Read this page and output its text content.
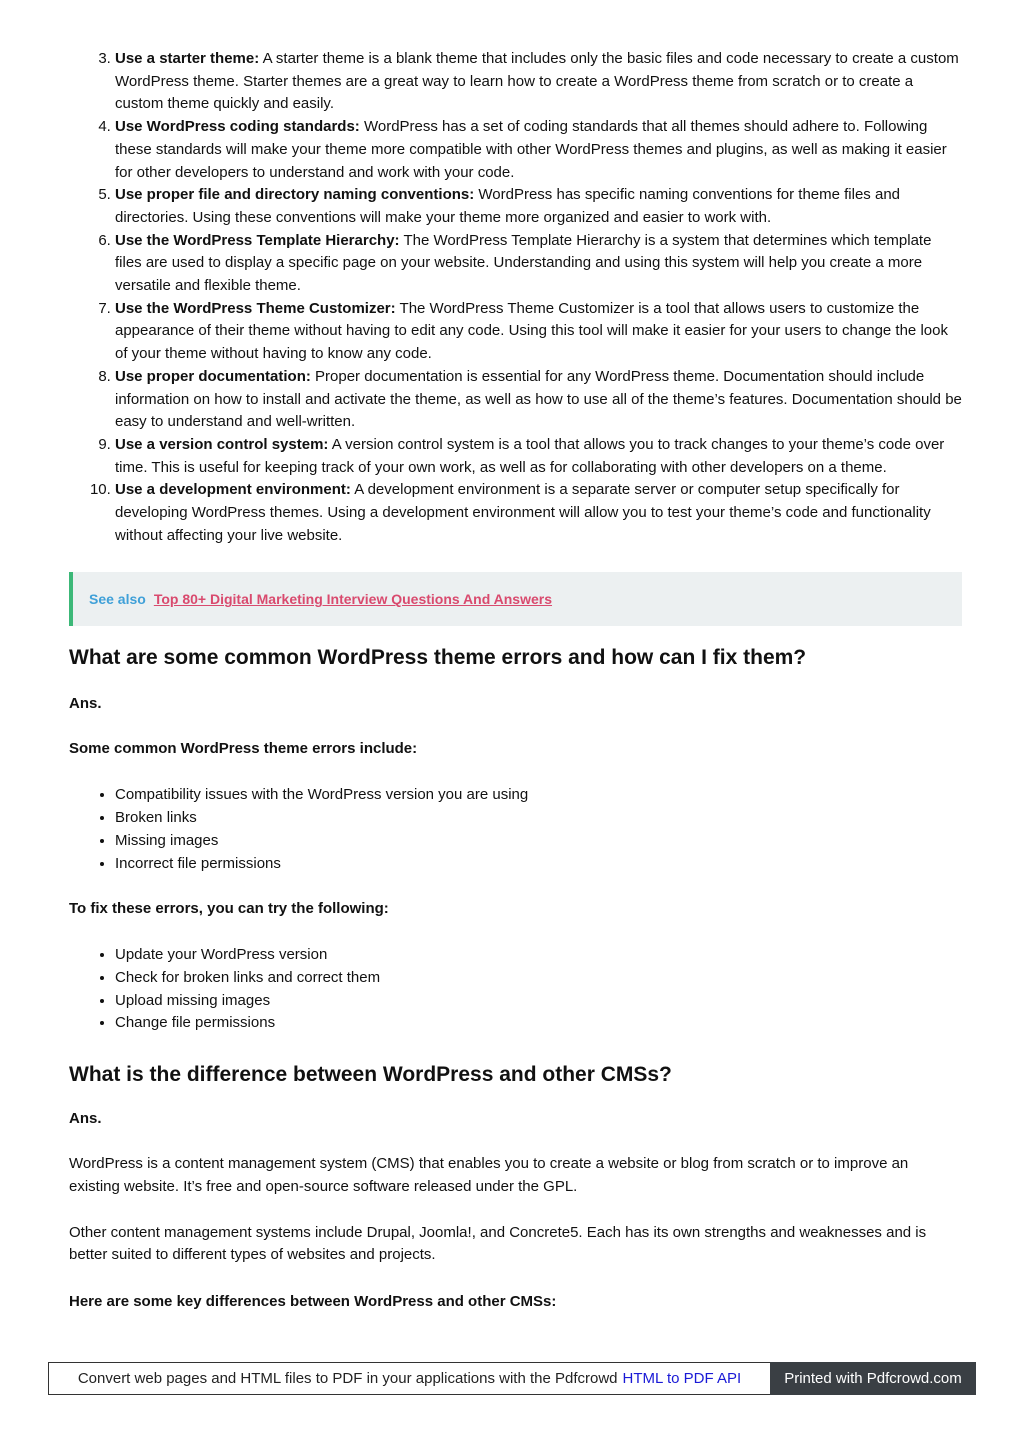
3. Use a starter theme: A starter theme is a blank theme that includes only the basic files and code necessary to create a custom WordPress theme. Starter themes are a great way to learn how to create a WordPress theme from scratch or to create a custom theme quickly and easily.
4. Use WordPress coding standards: WordPress has a set of coding standards that all themes should adhere to. Following these standards will make your theme more compatible with other WordPress themes and plugins, as well as making it easier for other developers to understand and work with your code.
5. Use proper file and directory naming conventions: WordPress has specific naming conventions for theme files and directories. Using these conventions will make your theme more organized and easier to work with.
6. Use the WordPress Template Hierarchy: The WordPress Template Hierarchy is a system that determines which template files are used to display a specific page on your website. Understanding and using this system will help you create a more versatile and flexible theme.
7. Use the WordPress Theme Customizer: The WordPress Theme Customizer is a tool that allows users to customize the appearance of their theme without having to edit any code. Using this tool will make it easier for your users to change the look of your theme without having to know any code.
8. Use proper documentation: Proper documentation is essential for any WordPress theme. Documentation should include information on how to install and activate the theme, as well as how to use all of the theme’s features. Documentation should be easy to understand and well-written.
9. Use a version control system: A version control system is a tool that allows you to track changes to your theme’s code over time. This is useful for keeping track of your own work, as well as for collaborating with other developers on a theme.
10. Use a development environment: A development environment is a separate server or computer setup specifically for developing WordPress themes. Using a development environment will allow you to test your theme’s code and functionality without affecting your live website.
See also Top 80+ Digital Marketing Interview Questions And Answers
What are some common WordPress theme errors and how can I fix them?

Ans.

Some common WordPress theme errors include:

• Compatibility issues with the WordPress version you are using
• Broken links
• Missing images
• Incorrect file permissions

To fix these errors, you can try the following:

• Update your WordPress version
• Check for broken links and correct them
• Upload missing images
• Change file permissions
What is the difference between WordPress and other CMSs?

Ans.

WordPress is a content management system (CMS) that enables you to create a website or blog from scratch or to improve an existing website. It’s free and open-source software released under the GPL.

Other content management systems include Drupal, Joomla!, and Concrete5. Each has its own strengths and weaknesses and is better suited to different types of websites and projects.

Here are some key differences between WordPress and other CMSs:

Convert web pages and HTML files to PDF in your applications with the Pdfcrowd HTML to PDF API	Printed with Pdfcrowd.com
